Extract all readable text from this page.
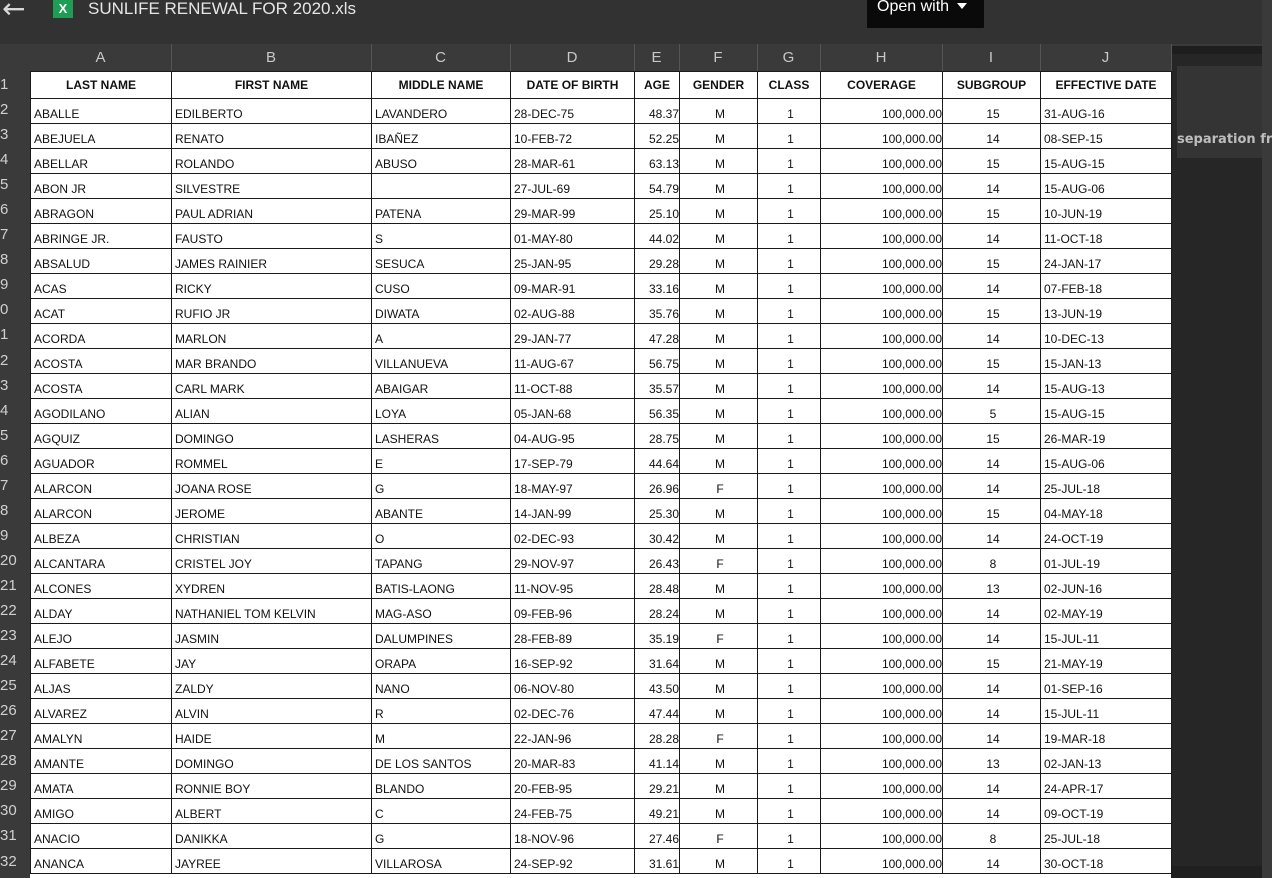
←	X	SUNLIFE RENEWAL FOR 2020.xls	Open with
separation fr
A	B	C	D	E	F	G	H	I	J
1
2
3
4
5
6
7
8
9
0
1
2
3
4
5
6
7
8
9
20
21
22
23
24
25
26
27
28
29
30
31
32
LAST NAME	FIRST NAME	MIDDLE NAME	DATE OF BIRTH	AGE	GENDER	CLASS	COVERAGE	SUBGROUP	EFFECTIVE DATE
ABALLE	EDILBERTO	LAVANDERO	28-DEC-75	48.37	M	1	100,000.00	15	31-AUG-16
ABEJUELA	RENATO	IBAÑEZ	10-FEB-72	52.25	M	1	100,000.00	14	08-SEP-15
ABELLAR	ROLANDO	ABUSO	28-MAR-61	63.13	M	1	100,000.00	15	15-AUG-15
ABON JR	SILVESTRE		27-JUL-69	54.79	M	1	100,000.00	14	15-AUG-06
ABRAGON	PAUL ADRIAN	PATENA	29-MAR-99	25.10	M	1	100,000.00	15	10-JUN-19
ABRINGE JR.	FAUSTO	S	01-MAY-80	44.02	M	1	100,000.00	14	11-OCT-18
ABSALUD	JAMES RAINIER	SESUCA	25-JAN-95	29.28	M	1	100,000.00	15	24-JAN-17
ACAS	RICKY	CUSO	09-MAR-91	33.16	M	1	100,000.00	14	07-FEB-18
ACAT	RUFIO JR	DIWATA	02-AUG-88	35.76	M	1	100,000.00	15	13-JUN-19
ACORDA	MARLON	A	29-JAN-77	47.28	M	1	100,000.00	14	10-DEC-13
ACOSTA	MAR BRANDO	VILLANUEVA	11-AUG-67	56.75	M	1	100,000.00	15	15-JAN-13
ACOSTA	CARL MARK	ABAIGAR	11-OCT-88	35.57	M	1	100,000.00	14	15-AUG-13
AGODILANO	ALIAN	LOYA	05-JAN-68	56.35	M	1	100,000.00	5	15-AUG-15
AGQUIZ	DOMINGO	LASHERAS	04-AUG-95	28.75	M	1	100,000.00	15	26-MAR-19
AGUADOR	ROMMEL	E	17-SEP-79	44.64	M	1	100,000.00	14	15-AUG-06
ALARCON	JOANA ROSE	G	18-MAY-97	26.96	F	1	100,000.00	14	25-JUL-18
ALARCON	JEROME	ABANTE	14-JAN-99	25.30	M	1	100,000.00	15	04-MAY-18
ALBEZA	CHRISTIAN	O	02-DEC-93	30.42	M	1	100,000.00	14	24-OCT-19
ALCANTARA	CRISTEL JOY	TAPANG	29-NOV-97	26.43	F	1	100,000.00	8	01-JUL-19
ALCONES	XYDREN	BATIS-LAONG	11-NOV-95	28.48	M	1	100,000.00	13	02-JUN-16
ALDAY	NATHANIEL TOM KELVIN	MAG-ASO	09-FEB-96	28.24	M	1	100,000.00	14	02-MAY-19
ALEJO	JASMIN	DALUMPINES	28-FEB-89	35.19	F	1	100,000.00	14	15-JUL-11
ALFABETE	JAY	ORAPA	16-SEP-92	31.64	M	1	100,000.00	15	21-MAY-19
ALJAS	ZALDY	NANO	06-NOV-80	43.50	M	1	100,000.00	14	01-SEP-16
ALVAREZ	ALVIN	R	02-DEC-76	47.44	M	1	100,000.00	14	15-JUL-11
AMALYN	HAIDE	M	22-JAN-96	28.28	F	1	100,000.00	14	19-MAR-18
AMANTE	DOMINGO	DE LOS SANTOS	20-MAR-83	41.14	M	1	100,000.00	13	02-JAN-13
AMATA	RONNIE BOY	BLANDO	20-FEB-95	29.21	M	1	100,000.00	14	24-APR-17
AMIGO	ALBERT	C	24-FEB-75	49.21	M	1	100,000.00	14	09-OCT-19
ANACIO	DANIKKA	G	18-NOV-96	27.46	F	1	100,000.00	8	25-JUL-18
ANANCA	JAYREE	VILLAROSA	24-SEP-92	31.61	M	1	100,000.00	14	30-OCT-18
